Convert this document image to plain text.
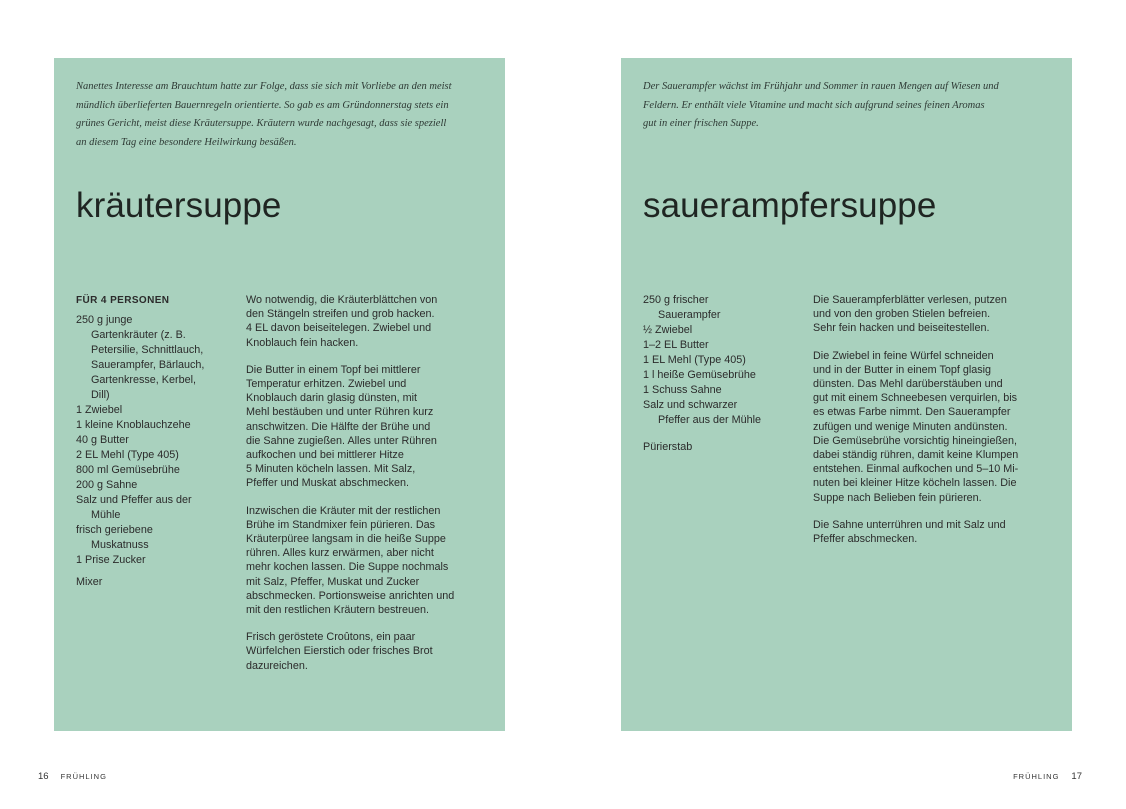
Nanettes Interesse am Brauchtum hatte zur Folge, dass sie sich mit Vorliebe an den meist
mündlich überlieferten Bauernregeln orientierte. So gab es am Gründonnerstag stets ein
grünes Gericht, meist diese Kräutersuppe. Kräutern wurde nachgesagt, dass sie speziell
an diesem Tag eine besondere Heilwirkung besäßen.

kräutersuppe
FÜR 4 PERSONEN
250 g junge
Gartenkräuter (z. B.
Petersilie, Schnittlauch,
Sauerampfer, Bärlauch,
Gartenkresse, Kerbel,
Dill)
1 Zwiebel
1 kleine Knoblauchzehe
40 g Butter
2 EL Mehl (Type 405)
800 ml Gemüsebrühe
200 g Sahne
Salz und Pfeffer aus der
Mühle
frisch geriebene
Muskatnuss
1 Prise Zucker
Mixer

Wo notwendig, die Kräuterblättchen von
den Stängeln streifen und grob hacken.
4 EL davon beiseitelegen. Zwiebel und
Knoblauch fein hacken.

Die Butter in einem Topf bei mittlerer
Temperatur erhitzen. Zwiebel und
Knoblauch darin glasig dünsten, mit
Mehl bestäuben und unter Rühren kurz
anschwitzen. Die Hälfte der Brühe und
die Sahne zugießen. Alles unter Rühren
aufkochen und bei mittlerer Hitze
5 Minuten köcheln lassen. Mit Salz,
Pfeffer und Muskat abschmecken.

Inzwischen die Kräuter mit der restlichen
Brühe im Standmixer fein pürieren. Das
Kräuterpüree langsam in die heiße Suppe
rühren. Alles kurz erwärmen, aber nicht
mehr kochen lassen. Die Suppe nochmals
mit Salz, Pfeffer, Muskat und Zucker
abschmecken. Portionsweise anrichten und
mit den restlichen Kräutern bestreuen.

Frisch geröstete Croûtons, ein paar
Würfelchen Eierstich oder frisches Brot
dazureichen.

Der Sauerampfer wächst im Frühjahr und Sommer in rauen Mengen auf Wiesen und
Feldern. Er enthält viele Vitamine und macht sich aufgrund seines feinen Aromas
gut in einer frischen Suppe.

sauerampfersuppe
250 g frischer
Sauerampfer
½ Zwiebel
1–2 EL Butter
1 EL Mehl (Type 405)
1 l heiße Gemüsebrühe
1 Schuss Sahne
Salz und schwarzer
Pfeffer aus der Mühle
Pürierstab

Die Sauerampferblätter verlesen, putzen
und von den groben Stielen befreien.
Sehr fein hacken und beiseitestellen.

Die Zwiebel in feine Würfel schneiden
und in der Butter in einem Topf glasig
dünsten. Das Mehl darüberstäuben und
gut mit einem Schneebesen verquirlen, bis
es etwas Farbe nimmt. Den Sauerampfer
zufügen und wenige Minuten andünsten.
Die Gemüsebrühe vorsichtig hineingießen,
dabei ständig rühren, damit keine Klumpen
entstehen. Einmal aufkochen und 5–10 Mi-
nuten bei kleiner Hitze köcheln lassen. Die
Suppe nach Belieben fein pürieren.

Die Sahne unterrühren und mit Salz und
Pfeffer abschmecken.

16 FRÜHLING	FRÜHLING 17
